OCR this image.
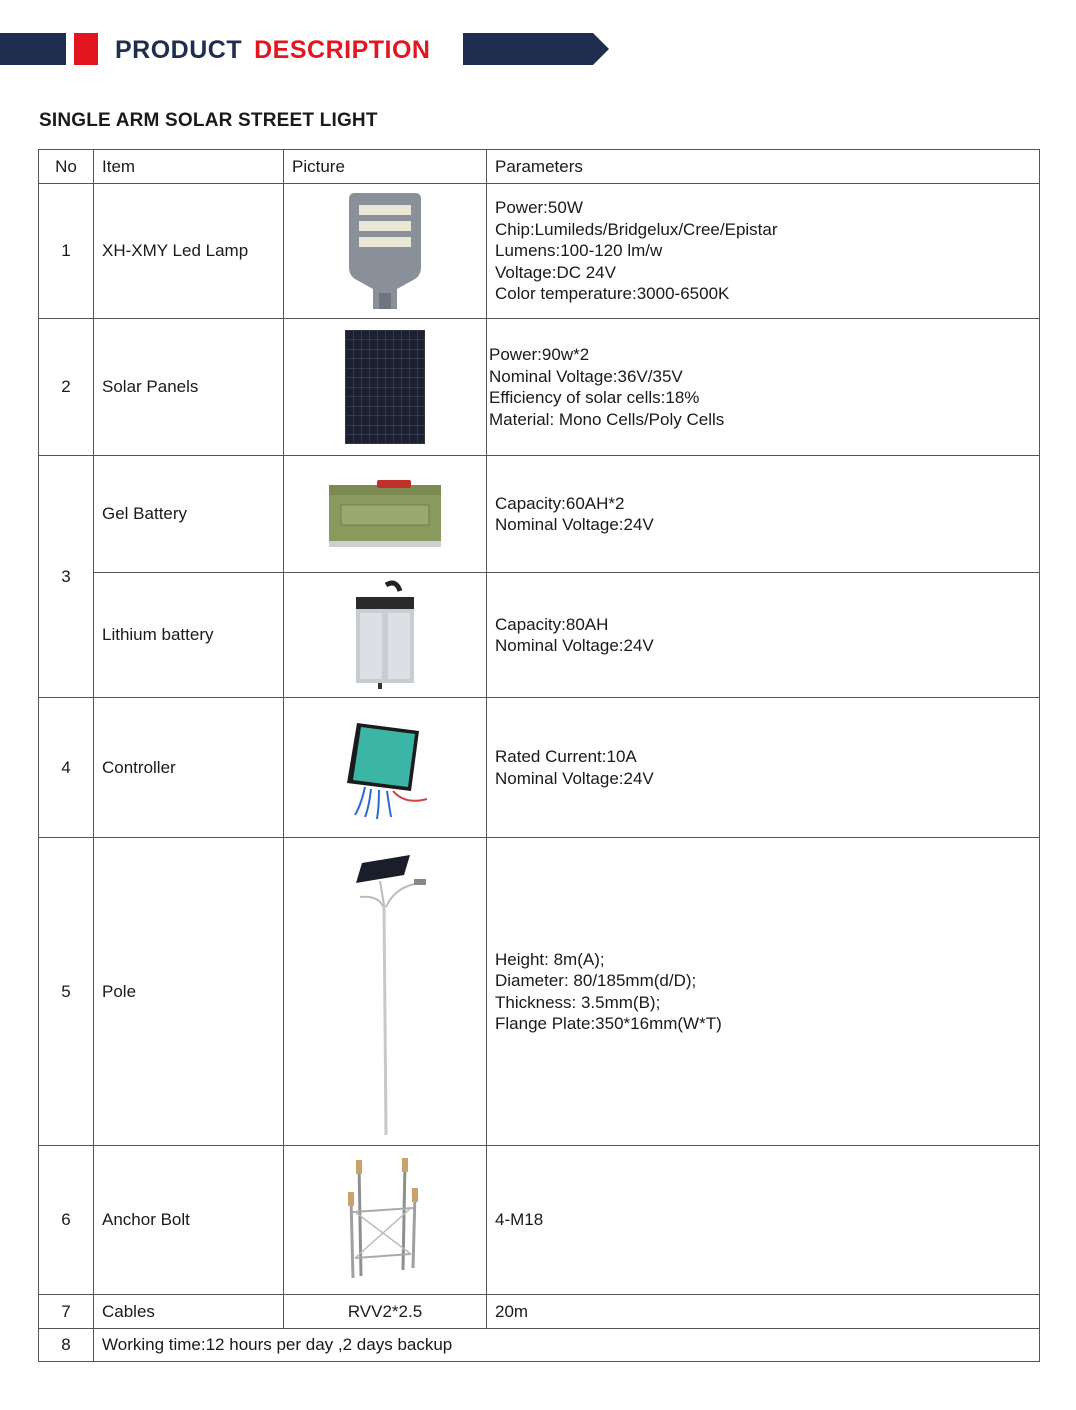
PRODUCT DESCRIPTION
SINGLE ARM SOLAR STREET LIGHT
No	Item	Picture	Parameters
1	XH-XMY Led Lamp		Power:50W
Chip:Lumileds/Bridgelux/Cree/Epistar
Lumens:100-120 lm/w
Voltage:DC 24V
Color temperature:3000-6500K

2	Solar Panels		Power:90w*2
Nominal Voltage:36V/35V
Efficiency of solar cells:18%
Material: Mono Cells/Poly Cells

3	Gel Battery		Capacity:60AH*2
Nominal Voltage:24V

	Lithium battery		Capacity:80AH
Nominal Voltage:24V

4	Controller		Rated Current:10A
Nominal Voltage:24V

5	Pole		Height: 8m(A);
Diameter: 80/185mm(d/D);
Thickness: 3.5mm(B);
Flange Plate:350*16mm(W*T)

6	Anchor Bolt		4-M18

7	Cables	RVV2*2.5	20m
8	Working time:12 hours per day ,2 days backup		
